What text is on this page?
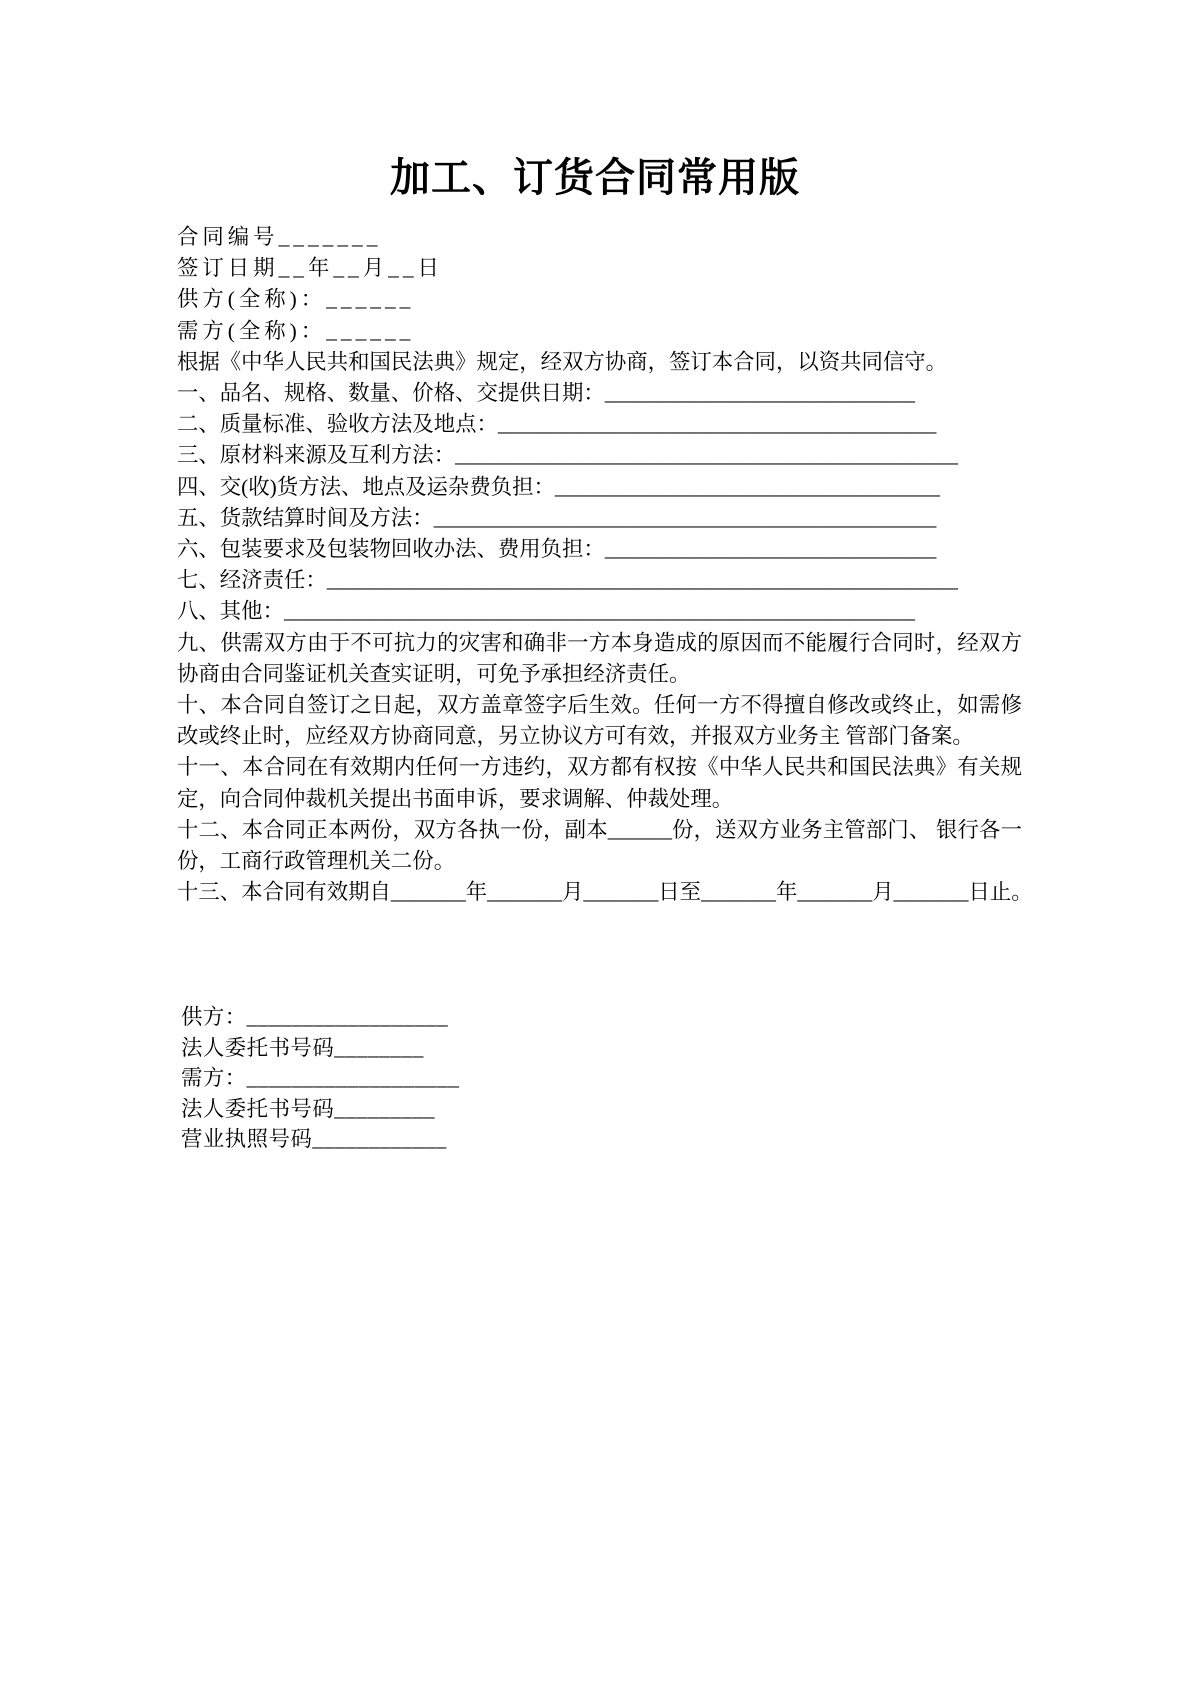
加工、订货合同常用版
合同编号_______
签订日期__年__月__日
供方(全称)：______
需方(全称)：______
根据《中华人民共和国民法典》规定，经双方协商，签订本合同，以资共同信守。
一、品名、规格、数量、价格、交提供日期：_____________________________
二、质量标准、验收方法及地点：_________________________________________
三、原材料来源及互利方法：_______________________________________________
四、交(收)货方法、地点及运杂费负担：____________________________________
五、货款结算时间及方法：_______________________________________________
六、包装要求及包装物回收办法、费用负担：_______________________________
七、经济责任：___________________________________________________________
八、其他：___________________________________________________________
九、供需双方由于不可抗力的灾害和确非一方本身造成的原因而不能履行合同时，经双方协商由合同鉴证机关查实证明，可免予承担经济责任。
十、本合同自签订之日起，双方盖章签字后生效。任何一方不得擅自修改或终止，如需修改或终止时，应经双方协商同意，另立协议方可有效，并报双方业务主 管部门备案。
十一、本合同在有效期内任何一方违约，双方都有权按《中华人民共和国民法典》有关规定，向合同仲裁机关提出书面申诉，要求调解、仲裁处理。
十二、本合同正本两份，双方各执一份，副本______份，送双方业务主管部门、 银行各一份，工商行政管理机关二份。
十三、本合同有效期自_______年_______月_______日至_______年_______月_______日止。
供方：__________________
法人委托书号码________
需方：___________________
法人委托书号码_________
营业执照号码____________
